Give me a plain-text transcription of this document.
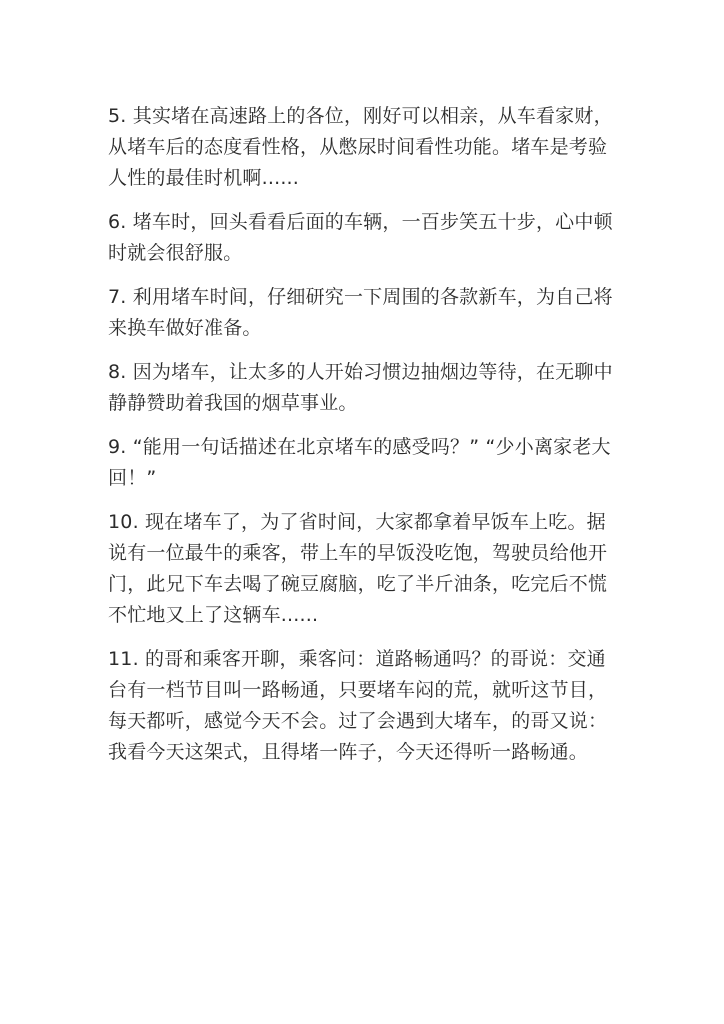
5. 其实堵在高速路上的各位，刚好可以相亲，从车看家财，从堵车后的态度看性格，从憋尿时间看性功能。堵车是考验人性的最佳时机啊......

6. 堵车时，回头看看后面的车辆，一百步笑五十步，心中顿时就会很舒服。

7. 利用堵车时间，仔细研究一下周围的各款新车，为自己将来换车做好准备。

8. 因为堵车，让太多的人开始习惯边抽烟边等待，在无聊中静静赞助着我国的烟草事业。

9. “能用一句话描述在北京堵车的感受吗？” “少小离家老大回！”

10. 现在堵车了，为了省时间，大家都拿着早饭车上吃。据说有一位最牛的乘客，带上车的早饭没吃饱，驾驶员给他开门，此兄下车去喝了碗豆腐脑，吃了半斤油条，吃完后不慌不忙地又上了这辆车......

11. 的哥和乘客开聊，乘客问：道路畅通吗？的哥说：交通台有一档节目叫一路畅通，只要堵车闷的荒，就听这节目，每天都听，感觉今天不会。过了会遇到大堵车，的哥又说：我看今天这架式，且得堵一阵子，今天还得听一路畅通。
